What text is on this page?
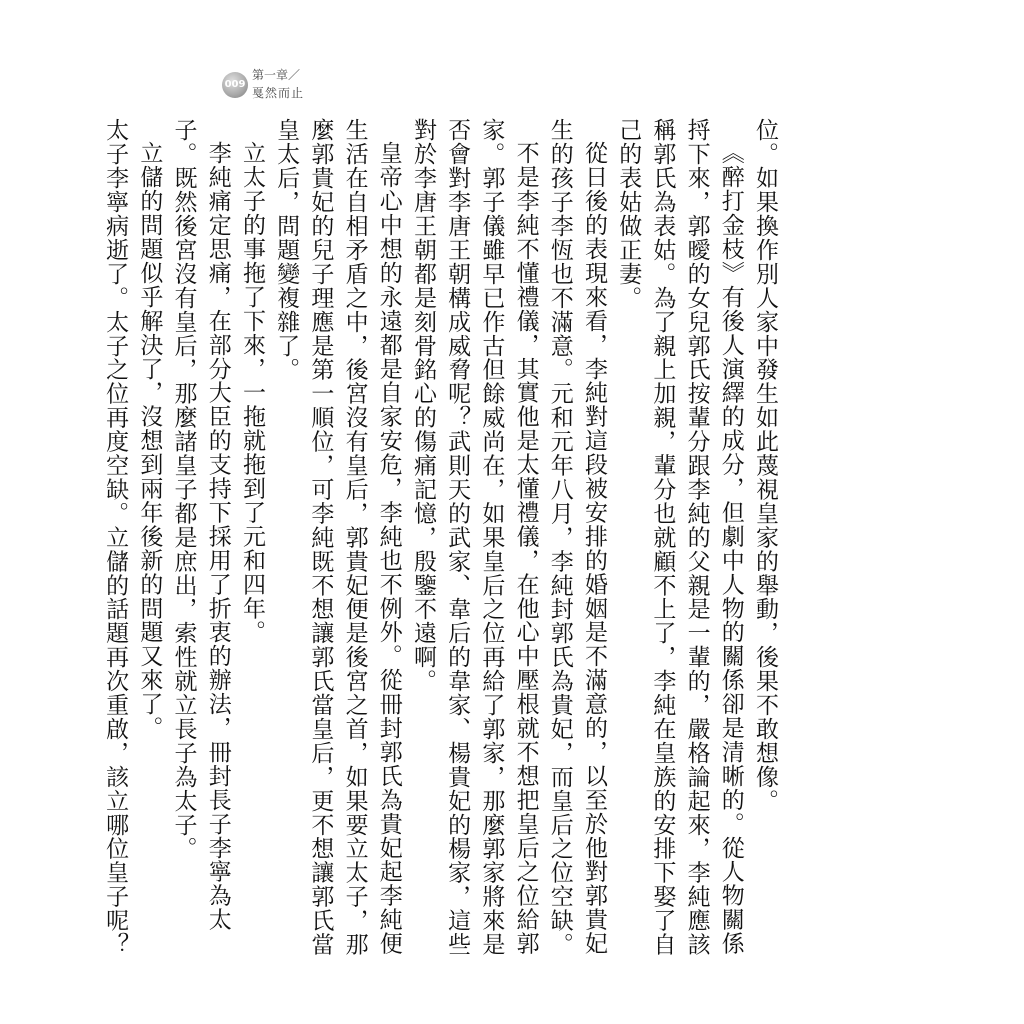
009
第一章／
戛然而止

位。如果換作別人家中發生如此蔑視皇家的舉動，後果不敢想像。

《醉打金枝》有後人演繹的成分，但劇中人物的關係卻是清晰的。從人物關係捋下來，郭曖的女兒郭氏按輩分跟李純的父親是一輩的，嚴格論起來，李純應該稱郭氏為表姑。為了親上加親，輩分也就顧不上了，李純在皇族的安排下娶了自己的表姑做正妻。

從日後的表現來看，李純對這段被安排的婚姻是不滿意的，以至於他對郭貴妃生的孩子李恆也不滿意。元和元年八月，李純封郭氏為貴妃，而皇后之位空缺。

不是李純不懂禮儀，其實他是太懂禮儀，在他心中壓根就不想把皇后之位給郭家。郭子儀雖早已作古但餘威尚在，如果皇后之位再給了郭家，那麼郭家將來是否會對李唐王朝構成威脅呢？武則天的武家、韋后的韋家、楊貴妃的楊家，這些對於李唐王朝都是刻骨銘心的傷痛記憶，殷鑒不遠啊。

皇帝心中想的永遠都是自家安危，李純也不例外。從冊封郭氏為貴妃起李純便生活在自相矛盾之中，後宮沒有皇后，郭貴妃便是後宮之首，如果要立太子，那麼郭貴妃的兒子理應是第一順位，可李純既不想讓郭氏當皇后，更不想讓郭氏當皇太后，問題變複雜了。

立太子的事拖了下來，一拖就拖到了元和四年。

李純痛定思痛，在部分大臣的支持下採用了折衷的辦法，冊封長子李寧為太子。既然後宮沒有皇后，那麼諸皇子都是庶出，索性就立長子為太子。

立儲的問題似乎解決了，沒想到兩年後新的問題又來了。

太子李寧病逝了。太子之位再度空缺。立儲的話題再次重啟，該立哪位皇子呢？
